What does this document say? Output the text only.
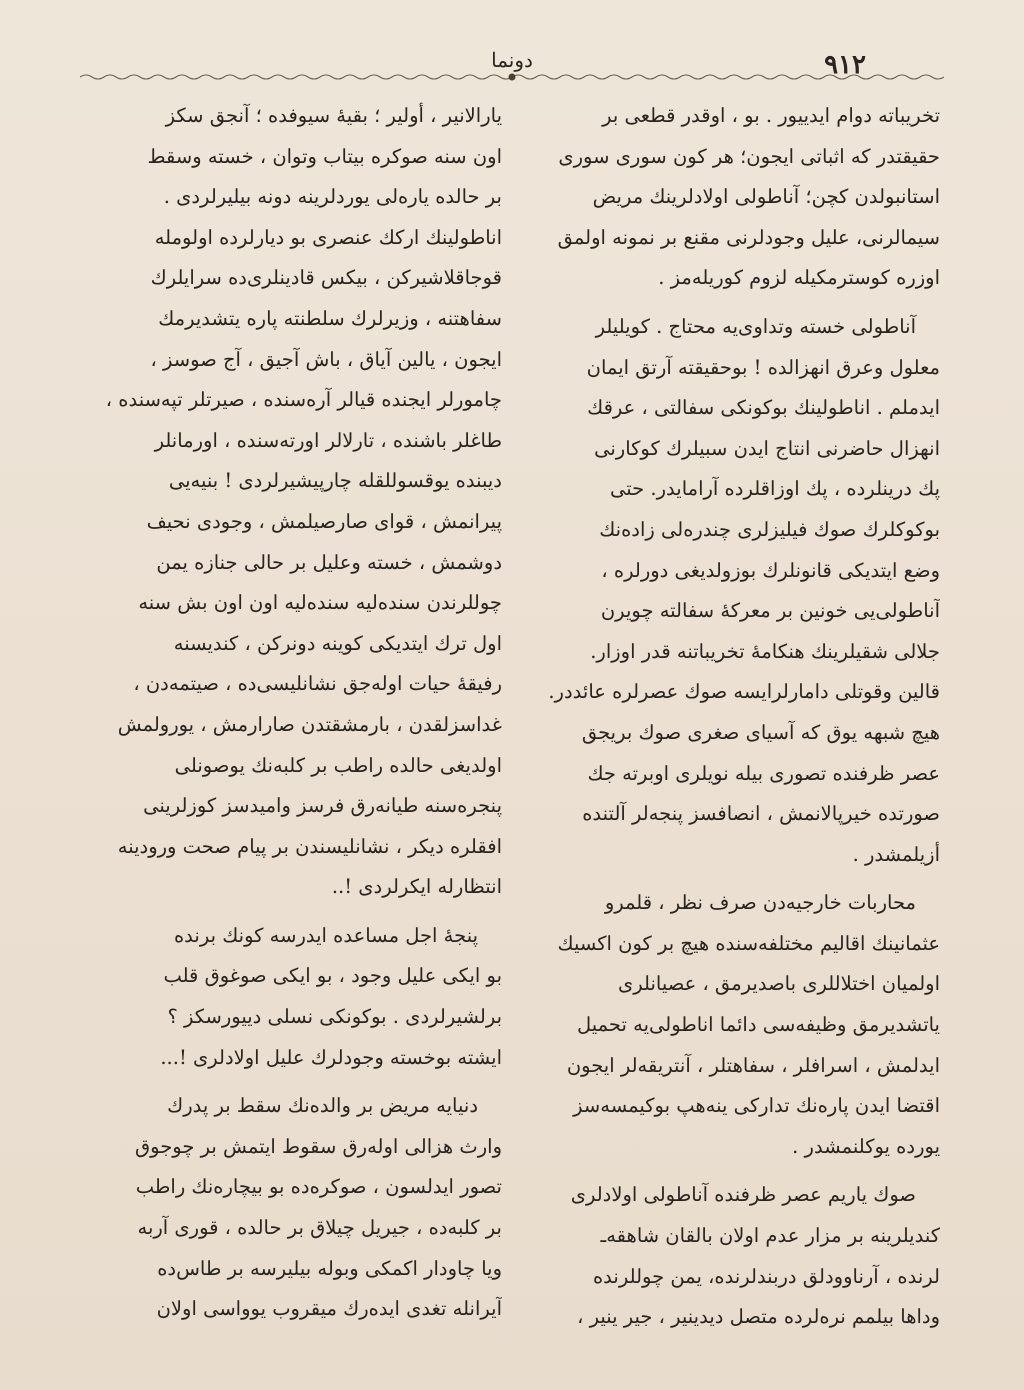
٩١٢
دونما
تخریباته دوام ایدییور . بو ، اوقدر قطعی بر
حقیقتدر که اثباتی ایجون؛ هر کون سوری سوری
استانبولدن کچن؛ آناطولی اولادلرینك مریض
سیمالرنی، علیل وجودلرنی مقنع بر نمونه اولمق
اوزره کوسترمکیله لزوم کوریلەمز .
آناطولی خسته وتداوی‌یه محتاج . کویلیلر
معلول وعرق انهزالده ! بوحقیقته آرتق ایمان
ایدملم . اناطولینك بوکونکی سفالتی ، عرقك
انهزال حاضرنی انتاج ایدن سبیلرك کوکارنی
پك درینلرده ، پك اوزاقلرده آرامایدر. حتی
بوکوکلرك صوك فیلیزلری چندره‌لی زاده‌نك
وضع ایتدیکی قانونلرك بوزولدیغی دورلره ،
آناطولی‌یی خونین بر معرکهٔ سفالته چویرن
جلالی شقیلرینك هنکامهٔ تخریباتنه قدر اوزار.
قالین وقوتلی دامارلرایسه صوك عصرلره عائددر.
هیچ شبهه یوق که آسیای صغری صوك بریجق
عصر ظرفنده تصوری بیله نویلری اوبرته جك
صورتده خیرپالانمش ، انصافسز پنجه‌لر آلتنده
أزیلمشدر .
محاربات خارجیه‌دن صرف نظر ، قلمرو
عثمانینك اقالیم مختلفه‌سنده هیچ بر کون اکسیك
اولمیان اختلاللری باصدیرمق ، عصیانلری
یاتشدیرمق وظیفه‌سی دائما اناطولی‌یه تحمیل
ایدلمش ، اسرافلر ، سفاهتلر ، آنتریقه‌لر ایجون
اقتضا ایدن پاره‌نك تدارکی ینه‌هپ بوکیمسه‌سز
یورده یوکلنمشدر .
صوك یاریم عصر ظرفنده آناطولی اولادلری
کندیلرینه بر مزار عدم اولان بالقان شاهقه‌ـ
لرنده ، آرناوودلق دربندلرنده، یمن چوللرنده
وداها بیلمم نرەلرده متصل دیدینیر ، جیر ینیر ،
یارالانیر ، أولیر ؛ بقیهٔ سیوفده ؛ آنجق سکز
اون سنه صوکره بیتاب وتوان ، خسته وسقط
بر حالده یاره‌لی یوردلرینه دونه بیلیرلردی .
اناطولینك ارکك عنصری بو دیارلرده اولومله
قوجاقلاشیرکن ، بیکس قادینلری‌ده سرایلرك
سفاهتنه ، وزیرلرك سلطنته پاره یتشدیرمك
ایجون ، یالین آیاق ، باش آجیق ، آج صوسز ،
چامورلر ایجنده قیالر آره‌سنده ، صیرتلر تپه‌سنده ،
طاغلر باشنده ، تارلالر اورته‌سنده ، اورمانلر
دیبنده یوقسوللقله چارپیشیرلردی ! بنیه‌یی
پیرانمش ، قوای صارصیلمش ، وجودی نحیف
دوشمش ، خسته وعلیل بر حالی جنازه یمن
چوللرندن سنده‌لیه سنده‌لیه اون اون بش سنه
اول ترك ایتدیکی کوینه دونرکن ، کندیسنه
رفیقهٔ حیات اوله‌جق نشانلیسی‌ده ، صیتمه‌دن ،
غداسزلقدن ، بارمشقتدن صارارمش ، یورولمش
اولدیغی حالده راطب بر کلبه‌نك یوصونلی
پنجره‌سنه طیانه‌رق فرسز وامیدسز کوزلرینی
افقلره دیکر ، نشانلیسندن بر پیام صحت ورودینه
انتظارله ایکرلردی !..
پنجهٔ اجل مساعده ایدرسه کونك برنده
بو ایکی علیل وجود ، بو ایکی صوغوق قلب
برلشیرلردی . بوکونکی نسلی دییورسکز ؟
ایشته بوخسته وجودلرك علیل اولادلری !...
دنیایه مریض بر والده‌نك سقط بر پدرك
وارث هزالی اوله‌رق سقوط ایتمش بر چوجوق
تصور ایدلسون ، صوکره‌ده بو بیچاره‌نك راطب
بر کلبه‌ده ، جیریل چیلاق بر حالده ، قوری آربه
ویا چاودار اکمکی وبوله بیلیرسه بر طاس‌ده
آیرانله تغدی ایده‌رك میقروب یوواسی اولان
